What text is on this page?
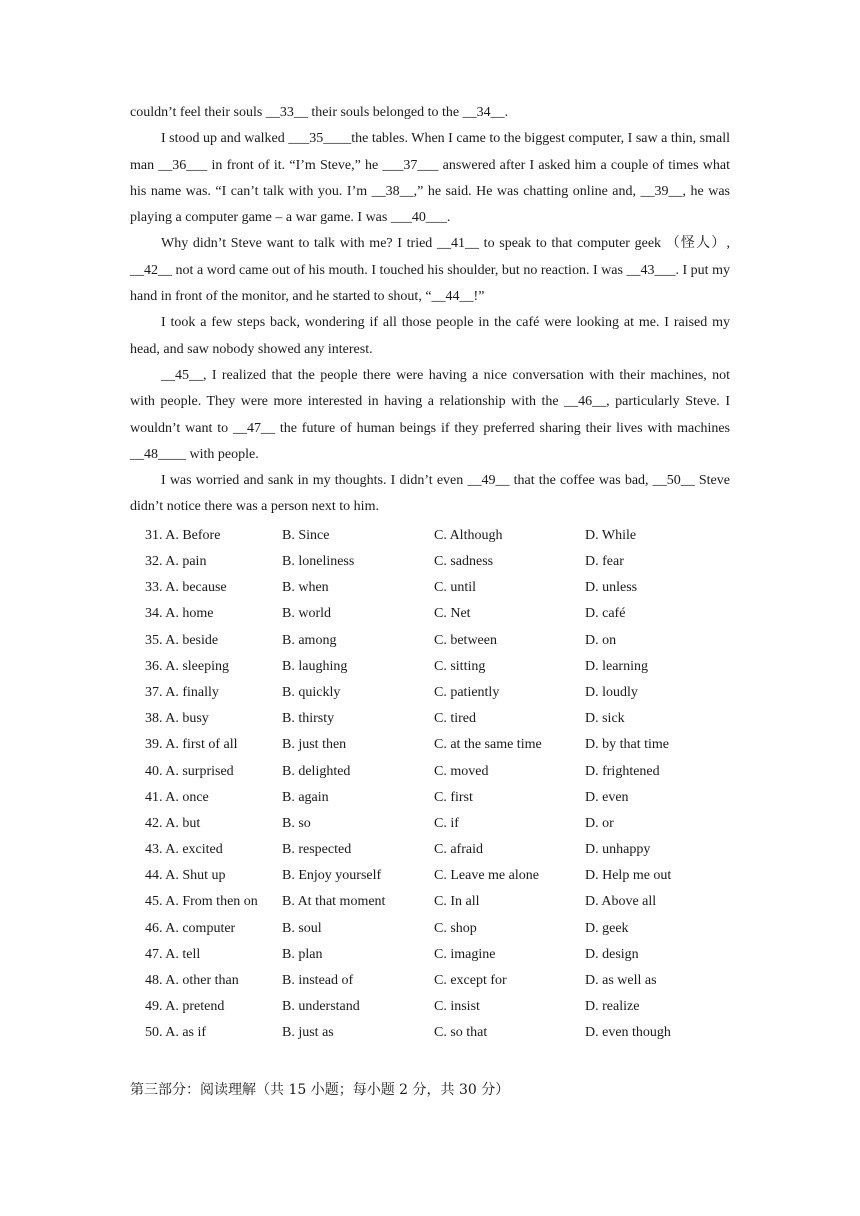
couldn’t feel their souls __33__ their souls belonged to the __34__.

I stood up and walked ___35____the tables. When I came to the biggest computer, I saw a thin, small man __36___ in front of it. “I’m Steve,” he ___37___ answered after I asked him a couple of times what his name was. “I can’t talk with you. I’m __38__,” he said. He was chatting online and, __39__, he was playing a computer game – a war game. I was ___40___.

Why didn’t Steve want to talk with me? I tried __41__ to speak to that computer geek （怪人）, __42__ not a word came out of his mouth. I touched his shoulder, but no reaction. I was __43___. I put my hand in front of the monitor, and he started to shout, “__44__!”

I took a few steps back, wondering if all those people in the café were looking at me. I raised my head, and saw nobody showed any interest.

__45__, I realized that the people there were having a nice conversation with their machines, not with people. They were more interested in having a relationship with the __46__, particularly Steve. I wouldn’t want to __47__ the future of human beings if they preferred sharing their lives with machines __48____ with people.

I was worried and sank in my thoughts. I didn’t even __49__ that the coffee was bad, __50__ Steve didn’t notice there was a person next to him.

31. A. Before	B. Since	C. Although	D. While
32. A. pain	B. loneliness	C. sadness	D. fear
33. A. because	B. when	C. until	D. unless
34. A. home	B. world	C. Net	D. café
35. A. beside	B. among	C. between	D. on
36. A. sleeping	B. laughing	C. sitting	D. learning
37. A. finally	B. quickly	C. patiently	D. loudly
38. A. busy	B. thirsty	C. tired	D. sick
39. A. first of all	B. just then	C. at the same time	D. by that time
40. A. surprised	B. delighted	C. moved	D. frightened
41. A. once	B. again	C. first	D. even
42. A. but	B. so	C. if	D. or
43. A. excited	B. respected	C. afraid	D. unhappy
44. A. Shut up	B. Enjoy yourself	C. Leave me alone	D. Help me out
45. A. From then on	B. At that moment	C. In all	D. Above all
46. A. computer	B. soul	C. shop	D. geek
47. A. tell	B. plan	C. imagine	D. design
48. A. other than	B. instead of	C. except for	D. as well as
49. A. pretend	B. understand	C. insist	D. realize
50. A. as if	B. just as	C. so that	D. even though
第三部分：阅读理解（共 15 小题；每小题 2 分，共 30 分）
